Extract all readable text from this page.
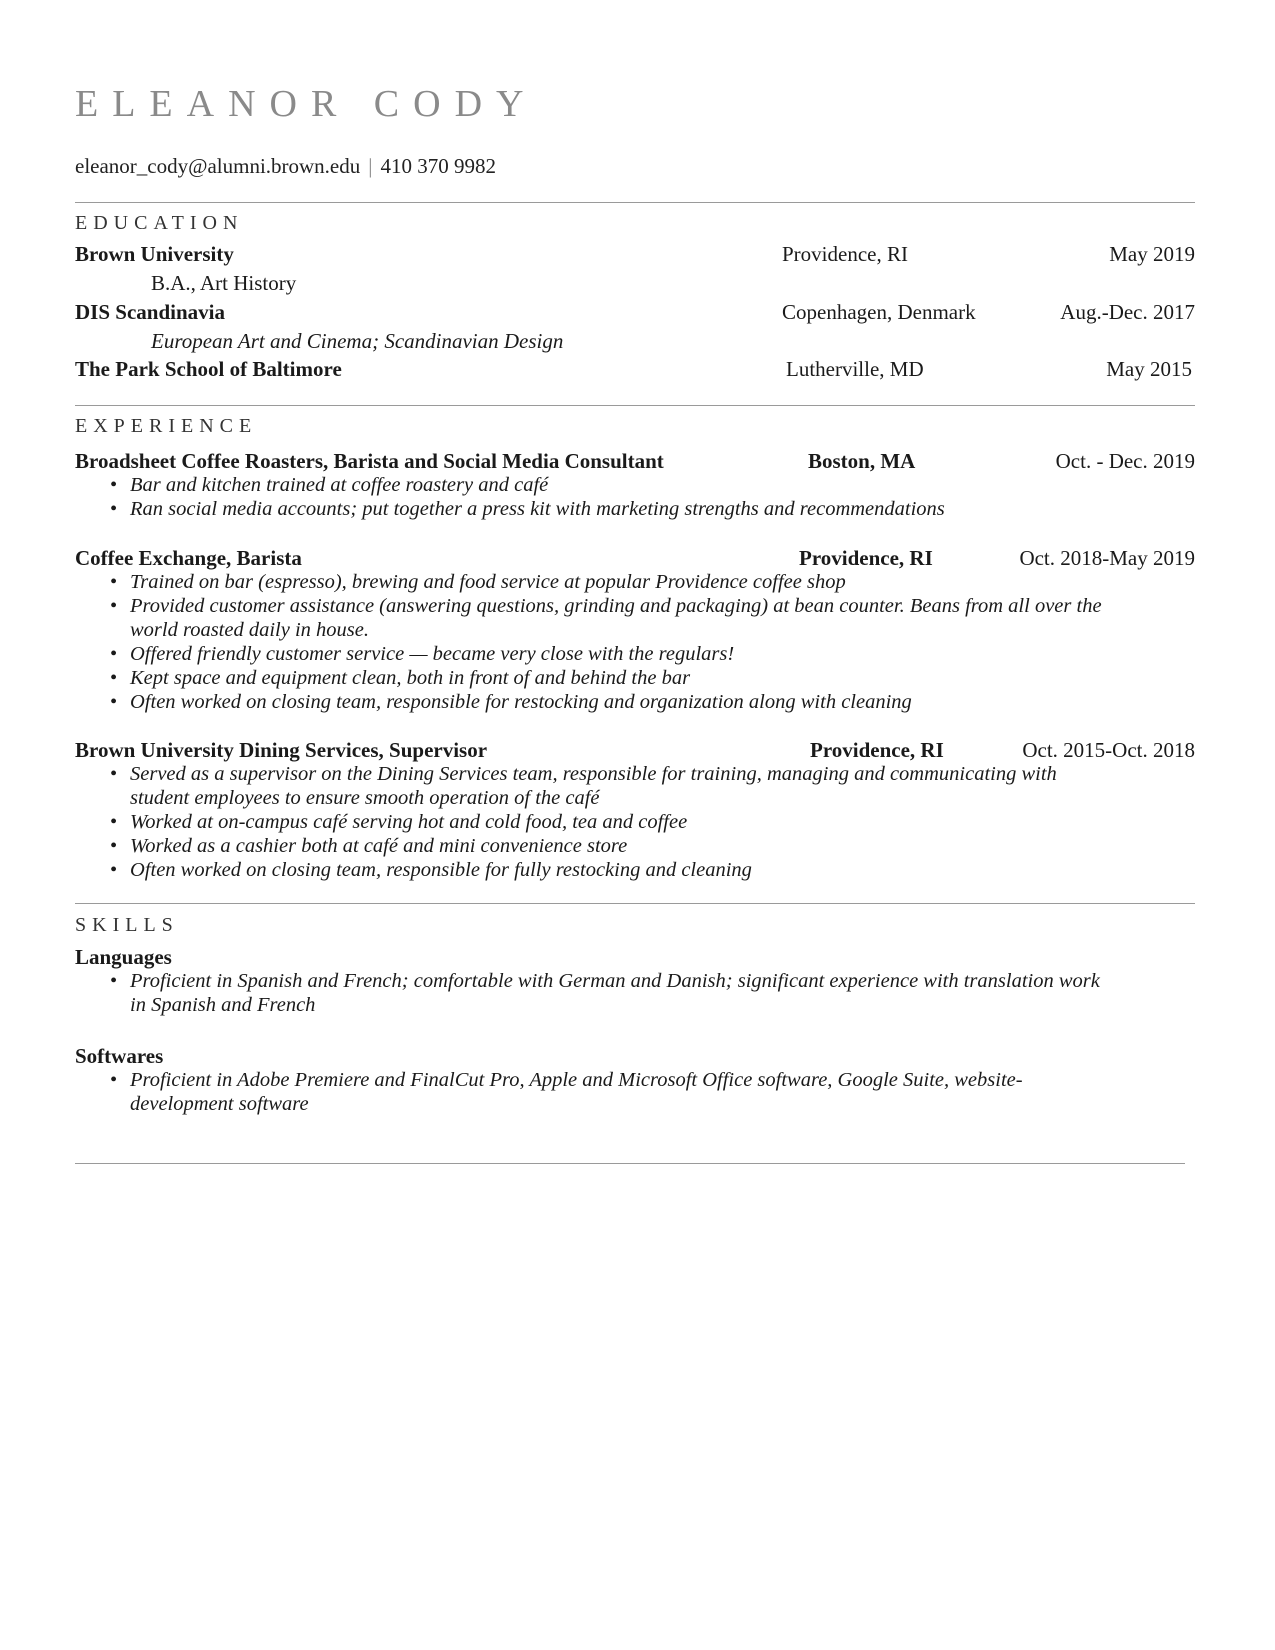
ELEANOR CODY
eleanor_cody@alumni.brown.edu | 410 370 9982
EDUCATION
Brown University	Providence, RI	May 2019
B.A., Art History
DIS Scandinavia	Copenhagen, Denmark	Aug.-Dec. 2017
European Art and Cinema; Scandinavian Design
The Park School of Baltimore	Lutherville, MD	May 2015
EXPERIENCE
Broadsheet Coffee Roasters, Barista and Social Media Consultant	Boston, MA	Oct. - Dec. 2019
• Bar and kitchen trained at coffee roastery and café
• Ran social media accounts; put together a press kit with marketing strengths and recommendations
Coffee Exchange, Barista	Providence, RI	Oct. 2018-May 2019
• Trained on bar (espresso), brewing and food service at popular Providence coffee shop
• Provided customer assistance (answering questions, grinding and packaging) at bean counter. Beans from all over the
world roasted daily in house.
• Offered friendly customer service — became very close with the regulars!
• Kept space and equipment clean, both in front of and behind the bar
• Often worked on closing team, responsible for restocking and organization along with cleaning
Brown University Dining Services, Supervisor	Providence, RI	Oct. 2015-Oct. 2018
• Served as a supervisor on the Dining Services team, responsible for training, managing and communicating with
student employees to ensure smooth operation of the café
• Worked at on-campus café serving hot and cold food, tea and coffee
• Worked as a cashier both at café and mini convenience store
• Often worked on closing team, responsible for fully restocking and cleaning
SKILLS
Languages
• Proficient in Spanish and French; comfortable with German and Danish; significant experience with translation work
in Spanish and French
Softwares
• Proficient in Adobe Premiere and FinalCut Pro, Apple and Microsoft Office software, Google Suite, website-
development software
